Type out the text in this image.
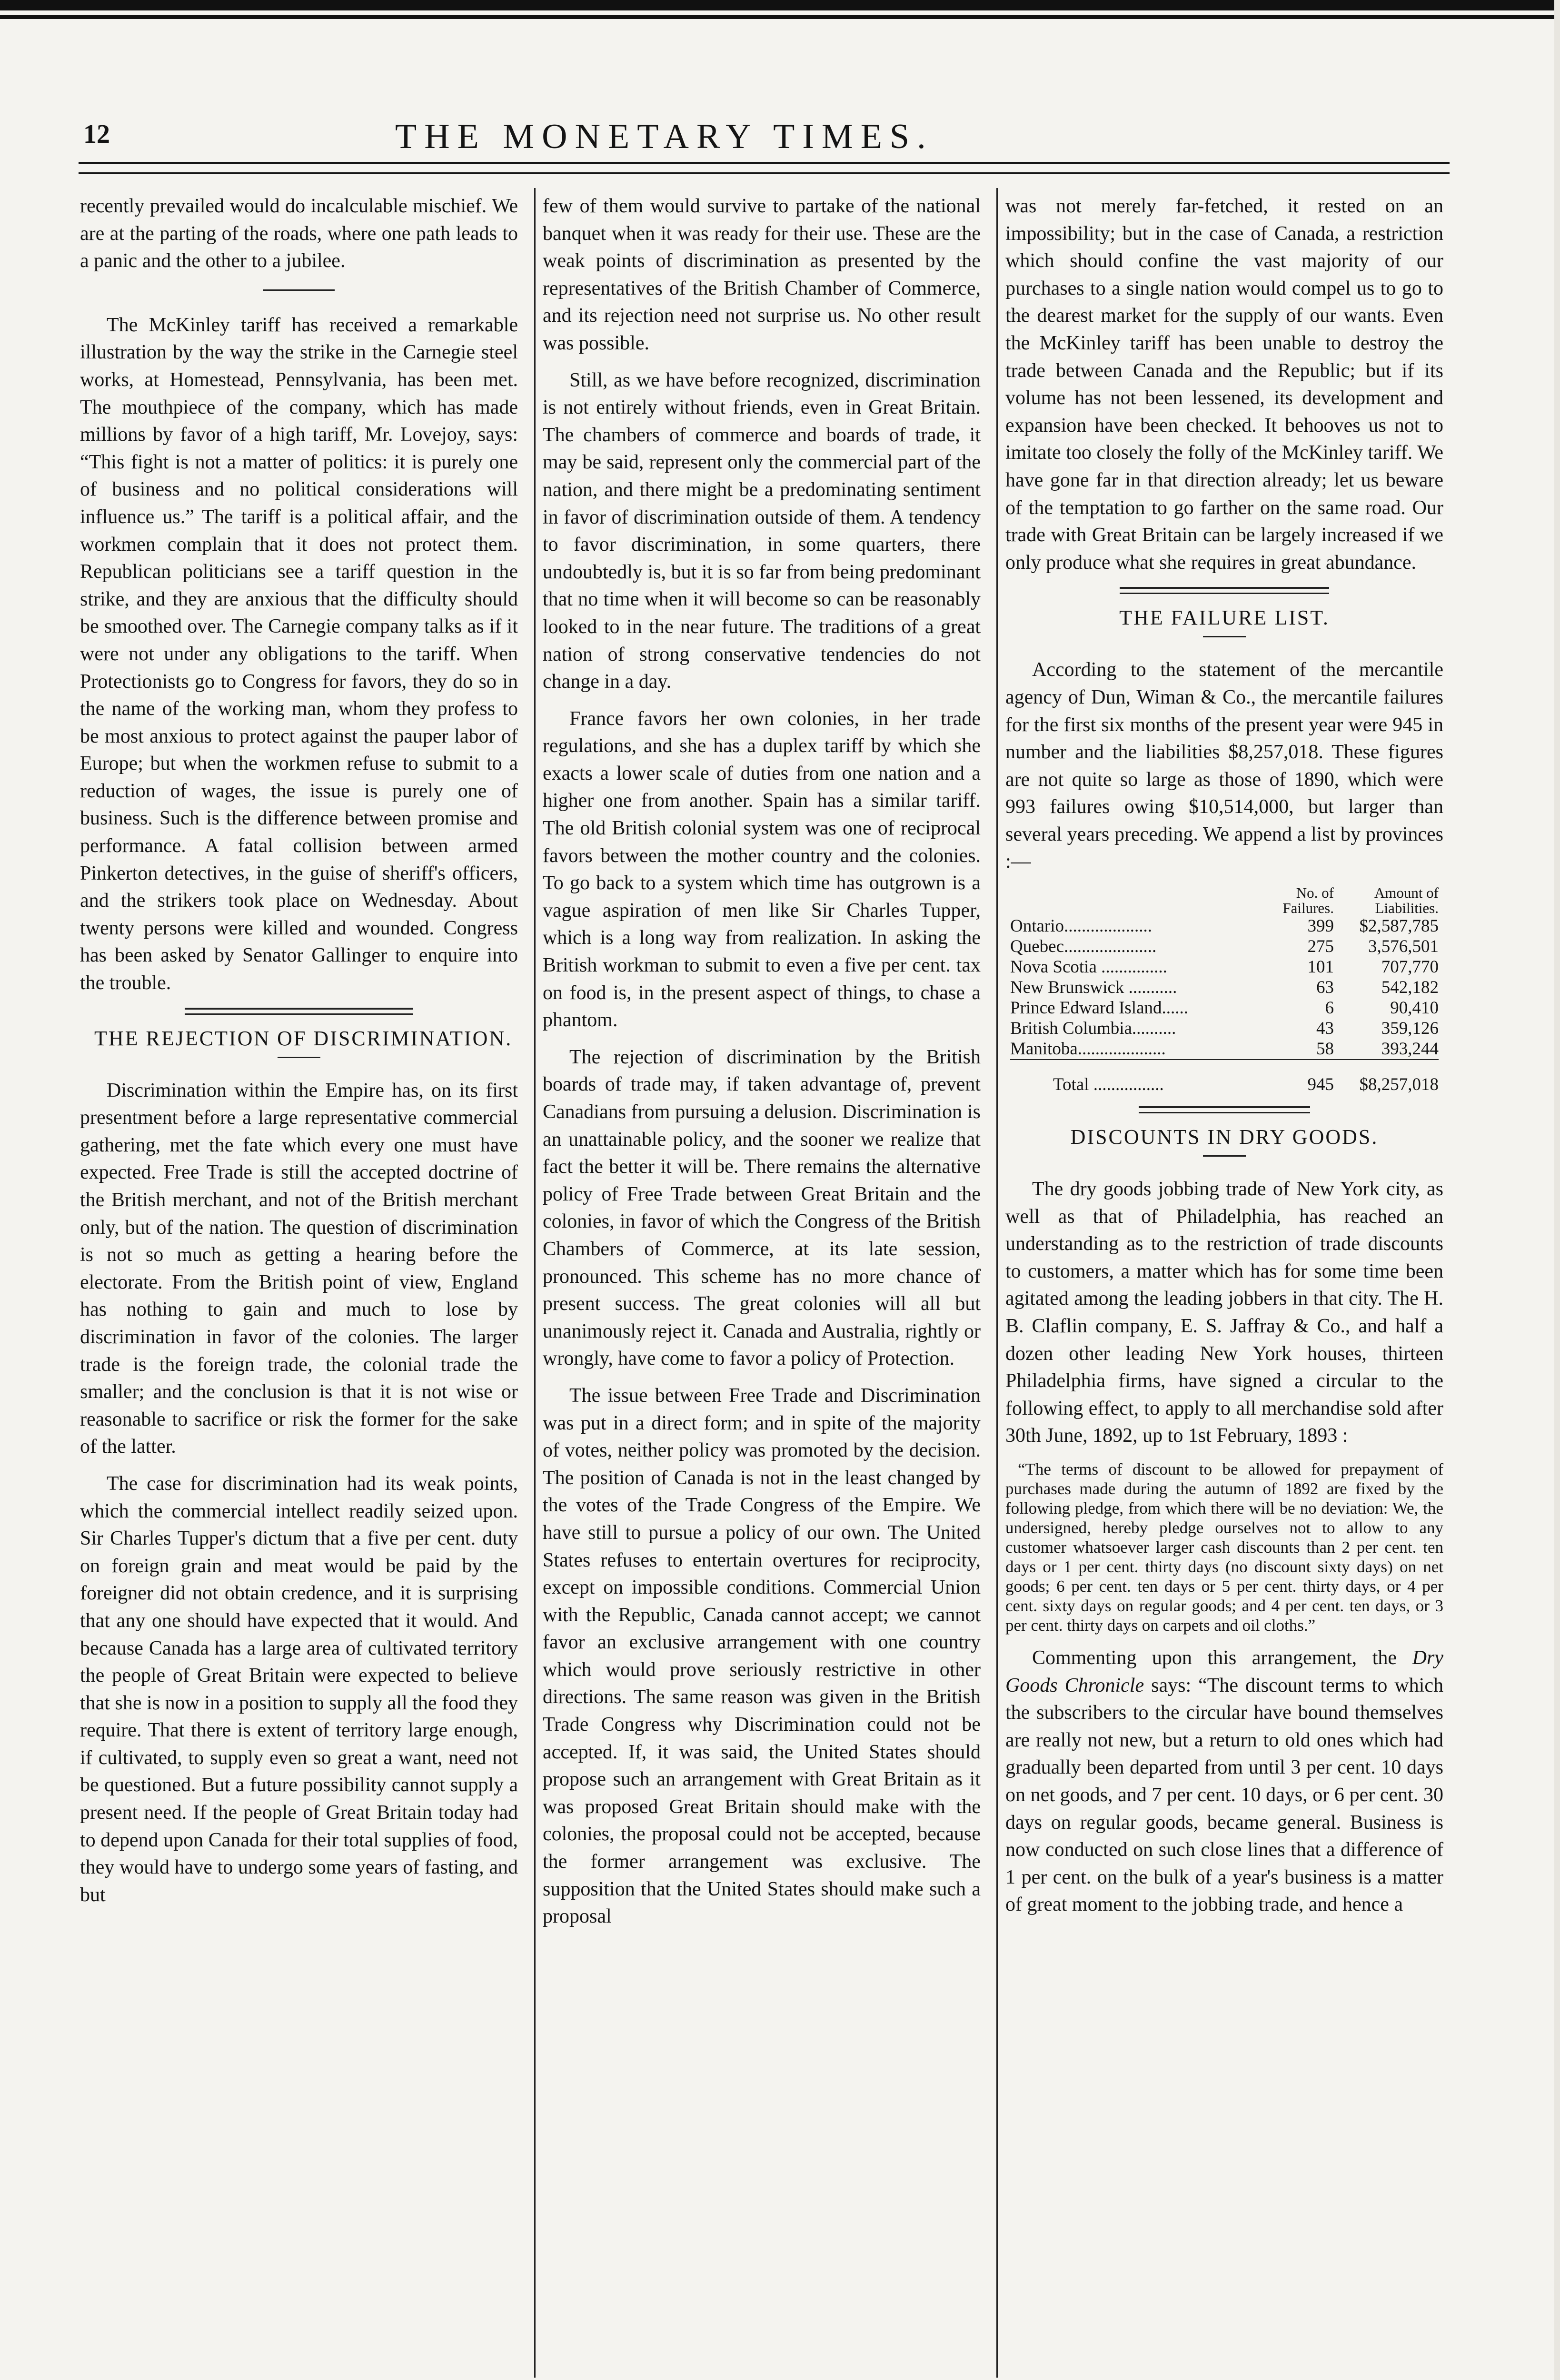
12	THE MONETARY TIMES.

recently prevailed would do incalculable mischief. We are at the parting of the roads, where one path leads to a panic and the other to a jubilee.

The McKinley tariff has received a remarkable illustration by the way the strike in the Carnegie steel works, at Homestead, Pennsylvania, has been met. The mouthpiece of the company, which has made millions by favor of a high tariff, Mr. Lovejoy, says: “This fight is not a matter of politics: it is purely one of business and no political considerations will influence us.” The tariff is a political affair, and the workmen complain that it does not protect them. Republican politicians see a tariff question in the strike, and they are anxious that the difficulty should be smoothed over. The Carnegie company talks as if it were not under any obligations to the tariff. When Protectionists go to Congress for favors, they do so in the name of the working man, whom they profess to be most anxious to protect against the pauper labor of Europe; but when the workmen refuse to submit to a reduction of wages, the issue is purely one of business. Such is the difference between promise and performance. A fatal collision between armed Pinkerton detectives, in the guise of sheriff's officers, and the strikers took place on Wednesday. About twenty persons were killed and wounded. Congress has been asked by Senator Gallinger to enquire into the trouble.

THE REJECTION OF DISCRIMINATION.

Discrimination within the Empire has, on its first presentment before a large representative commercial gathering, met the fate which every one must have expected. Free Trade is still the accepted doctrine of the British merchant, and not of the British merchant only, but of the nation. The question of discrimination is not so much as getting a hearing before the electorate. From the British point of view, England has nothing to gain and much to lose by discrimination in favor of the colonies. The larger trade is the foreign trade, the colonial trade the smaller; and the conclusion is that it is not wise or reasonable to sacrifice or risk the former for the sake of the latter.

The case for discrimination had its weak points, which the commercial intellect readily seized upon. Sir Charles Tupper's dictum that a five per cent. duty on foreign grain and meat would be paid by the foreigner did not obtain credence, and it is surprising that any one should have expected that it would. And because Canada has a large area of cultivated territory the people of Great Britain were expected to believe that she is now in a position to supply all the food they require. That there is extent of territory large enough, if cultivated, to supply even so great a want, need not be questioned. But a future possibility cannot supply a present need. If the people of Great Britain today had to depend upon Canada for their total supplies of food, they would have to undergo some years of fasting, and but

few of them would survive to partake of the national banquet when it was ready for their use. These are the weak points of discrimination as presented by the representatives of the British Chamber of Commerce, and its rejection need not surprise us. No other result was possible.

Still, as we have before recognized, discrimination is not entirely without friends, even in Great Britain. The chambers of commerce and boards of trade, it may be said, represent only the commercial part of the nation, and there might be a predominating sentiment in favor of discrimination outside of them. A tendency to favor discrimination, in some quarters, there undoubtedly is, but it is so far from being predominant that no time when it will become so can be reasonably looked to in the near future. The traditions of a great nation of strong conservative tendencies do not change in a day.

France favors her own colonies, in her trade regulations, and she has a duplex tariff by which she exacts a lower scale of duties from one nation and a higher one from another. Spain has a similar tariff. The old British colonial system was one of reciprocal favors between the mother country and the colonies. To go back to a system which time has outgrown is a vague aspiration of men like Sir Charles Tupper, which is a long way from realization. In asking the British workman to submit to even a five per cent. tax on food is, in the present aspect of things, to chase a phantom.

The rejection of discrimination by the British boards of trade may, if taken advantage of, prevent Canadians from pursuing a delusion. Discrimination is an unattainable policy, and the sooner we realize that fact the better it will be. There remains the alternative policy of Free Trade between Great Britain and the colonies, in favor of which the Congress of the British Chambers of Commerce, at its late session, pronounced. This scheme has no more chance of present success. The great colonies will all but unanimously reject it. Canada and Australia, rightly or wrongly, have come to favor a policy of Protection.

The issue between Free Trade and Discrimination was put in a direct form; and in spite of the majority of votes, neither policy was promoted by the decision. The position of Canada is not in the least changed by the votes of the Trade Congress of the Empire. We have still to pursue a policy of our own. The United States refuses to entertain overtures for reciprocity, except on impossible conditions. Commercial Union with the Republic, Canada cannot accept; we cannot favor an exclusive arrangement with one country which would prove seriously restrictive in other directions. The same reason was given in the British Trade Congress why Discrimination could not be accepted. If, it was said, the United States should propose such an arrangement with Great Britain as it was proposed Great Britain should make with the colonies, the proposal could not be accepted, because the former arrangement was exclusive. The supposition that the United States should make such a proposal

was not merely far-fetched, it rested on an impossibility; but in the case of Canada, a restriction which should confine the vast majority of our purchases to a single nation would compel us to go to the dearest market for the supply of our wants. Even the McKinley tariff has been unable to destroy the trade between Canada and the Republic; but if its volume has not been lessened, its development and expansion have been checked. It behooves us not to imitate too closely the folly of the McKinley tariff. We have gone far in that direction already; let us beware of the temptation to go farther on the same road. Our trade with Great Britain can be largely increased if we only produce what she requires in great abundance.

THE FAILURE LIST.

According to the statement of the mercantile agency of Dun, Wiman & Co., the mercantile failures for the first six months of the present year were 945 in number and the liabilities $8,257,018. These figures are not quite so large as those of 1890, which were 993 failures owing $10,514,000, but larger than several years preceding. We append a list by provinces :—

	No. of Failures.	Amount of Liabilities.
Ontario....................	399	$2,587,785
Quebec.....................	275	3,576,501
Nova Scotia ...............	101	707,770
New Brunswick ...........	63	542,182
Prince Edward Island......	6	90,410
British Columbia..........	43	359,126
Manitoba....................	58	393,244
Total ................	945	$8,257,018
DISCOUNTS IN DRY GOODS.

The dry goods jobbing trade of New York city, as well as that of Philadelphia, has reached an understanding as to the restriction of trade discounts to customers, a matter which has for some time been agitated among the leading jobbers in that city. The H. B. Claflin company, E. S. Jaffray & Co., and half a dozen other leading New York houses, thirteen Philadelphia firms, have signed a circular to the following effect, to apply to all merchandise sold after 30th June, 1892, up to 1st February, 1893 :

“The terms of discount to be allowed for prepayment of purchases made during the autumn of 1892 are fixed by the following pledge, from which there will be no deviation: We, the undersigned, hereby pledge ourselves not to allow to any customer whatsoever larger cash discounts than 2 per cent. ten days or 1 per cent. thirty days (no discount sixty days) on net goods; 6 per cent. ten days or 5 per cent. thirty days, or 4 per cent. sixty days on regular goods; and 4 per cent. ten days, or 3 per cent. thirty days on carpets and oil cloths.”

Commenting upon this arrangement, the Dry Goods Chronicle says: “The discount terms to which the subscribers to the circular have bound themselves are really not new, but a return to old ones which had gradually been departed from until 3 per cent. 10 days on net goods, and 7 per cent. 10 days, or 6 per cent. 30 days on regular goods, became general. Business is now conducted on such close lines that a difference of 1 per cent. on the bulk of a year's business is a matter of great moment to the jobbing trade, and hence a
